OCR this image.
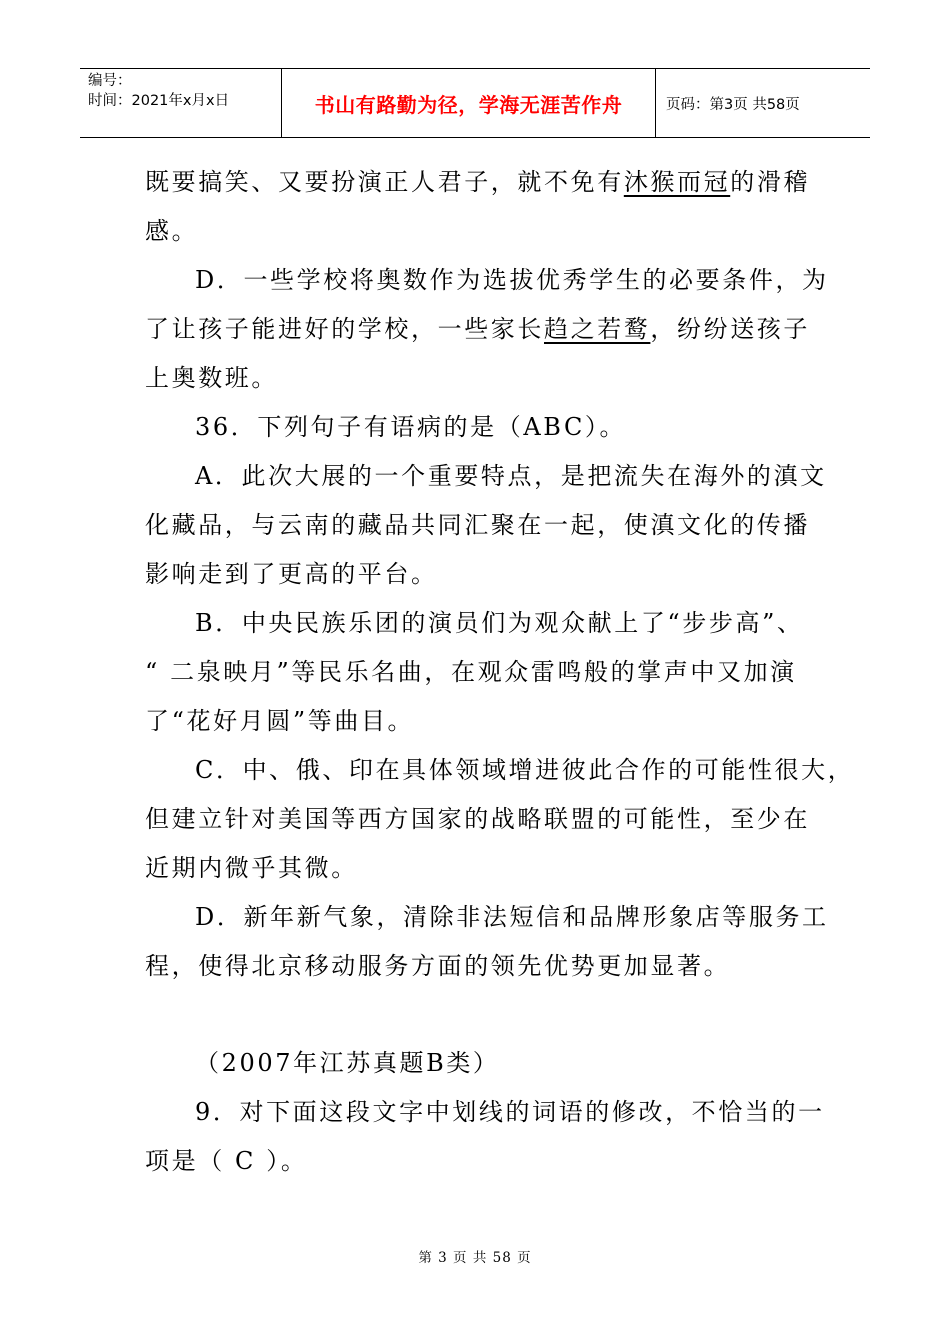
编号：
时间：2021年x月x日	书山有路勤为径，学海无涯苦作舟	页码：第3页 共58页
既要搞笑、又要扮演正人君子，就不免有沐猴而冠的滑稽
感。
D．一些学校将奥数作为选拔优秀学生的必要条件，为
了让孩子能进好的学校，一些家长趋之若鹜，纷纷送孩子
上奥数班。
36．下列句子有语病的是（ABC）。
A．此次大展的一个重要特点，是把流失在海外的滇文
化藏品，与云南的藏品共同汇聚在一起，使滇文化的传播
影响走到了更高的平台。
B．中央民族乐团的演员们为观众献上了“步步高”、
“ 二泉映月”等民乐名曲，在观众雷鸣般的掌声中又加演
了“花好月圆”等曲目。
C．中、俄、印在具体领域增进彼此合作的可能性很大，
但建立针对美国等西方国家的战略联盟的可能性，至少在
近期内微乎其微。
D．新年新气象，清除非法短信和品牌形象店等服务工
程，使得北京移动服务方面的领先优势更加显著。
（2007年江苏真题B类）
9．对下面这段文字中划线的词语的修改，不恰当的一
项是（ C ）。
第 3 页 共 58 页
